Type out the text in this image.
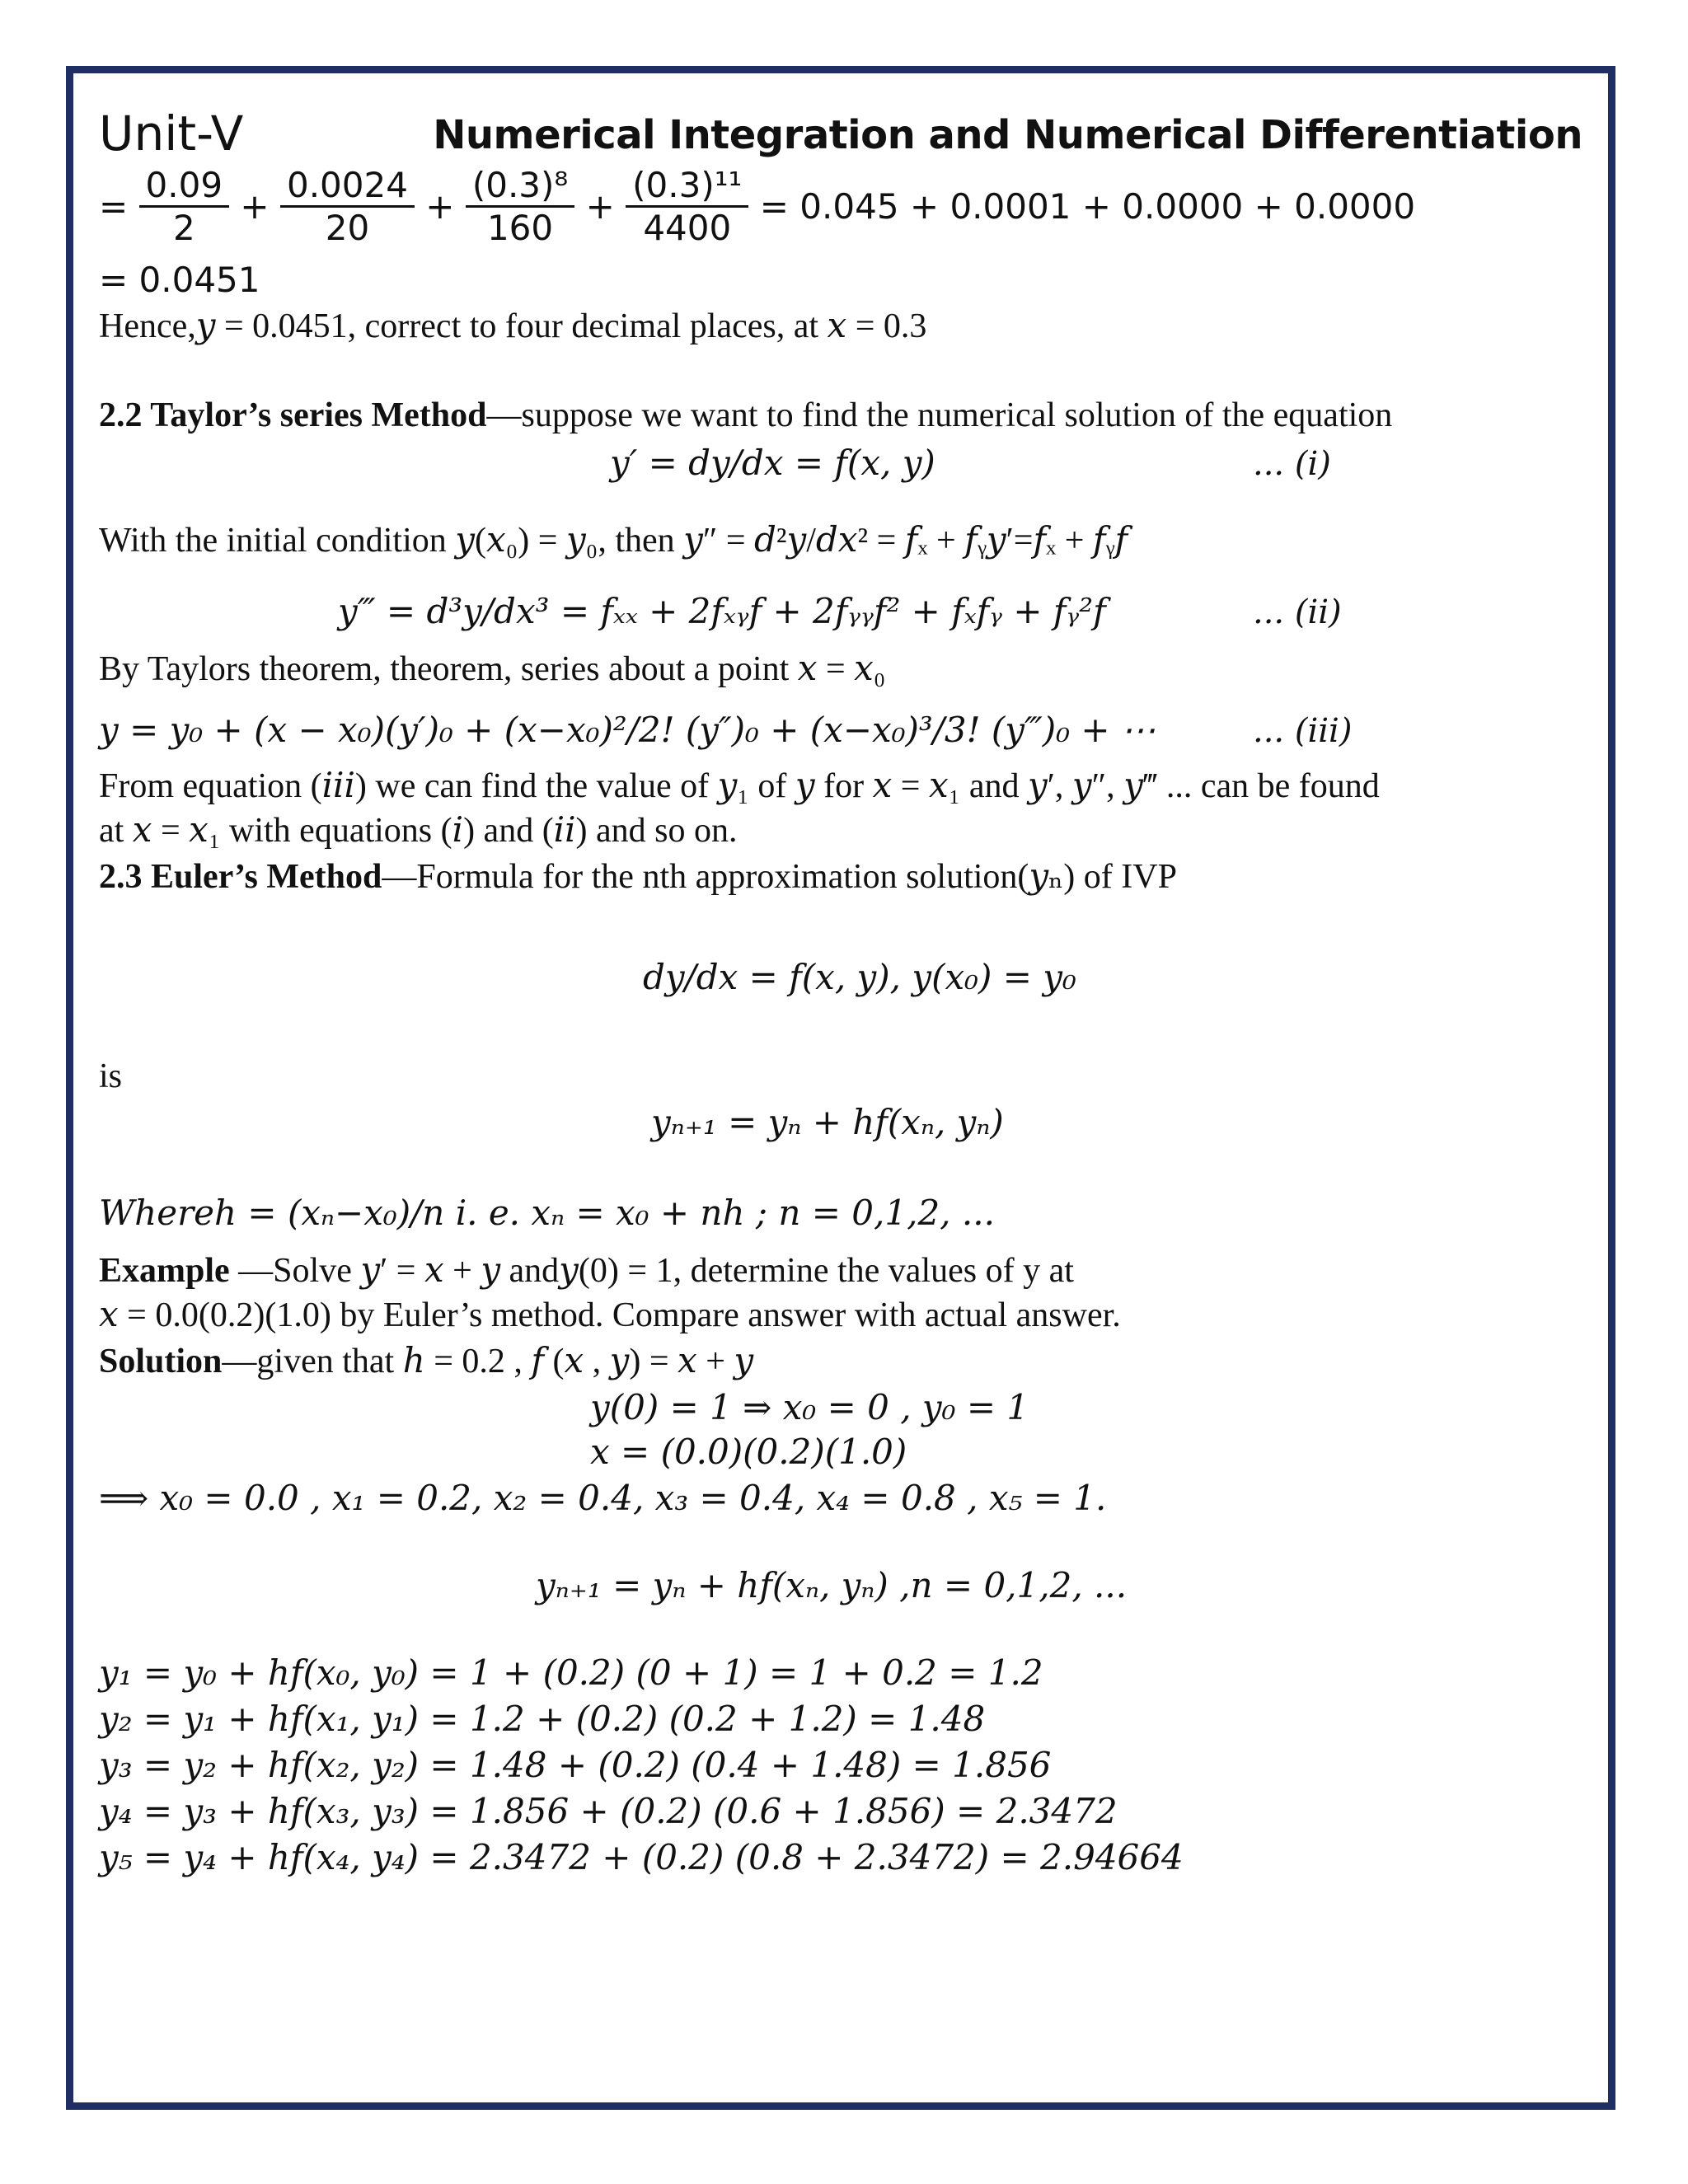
Unit-V	Numerical Integration and Numerical Differentiation
= $\frac{0.09}{2} + \frac{0.0024}{20} + \frac{\text{(0.3)⁸}}{160} + \frac{\text{(0.3)¹¹}}{4400} = 0.045 + 0.0001 + 0.0000 + 0.0000$
= 0.0451
Hence,𝑦 = 0.0451, correct to four decimal places, at 𝑥 = 0.3
2.2 Taylor’s series Method—suppose we want to find the numerical solution of the equation
𝑦′ = 𝑑𝑦/𝑑𝑥 = 𝑓(𝑥, 𝑦)	... (𝑖)
With the initial condition 𝑦(𝑥₀) = 𝑦₀, then 𝑦″ = 𝑑²𝑦/𝑑𝑥² = 𝑓ₓ + 𝑓ᵧ𝑦′=𝑓ₓ + 𝑓ᵧ𝑓
𝑦‴ = 𝑑³𝑦/𝑑𝑥³ = 𝑓ₓₓ + 2𝑓ₓᵧ𝑓 + 2𝑓ᵧᵧ𝑓² + 𝑓ₓ𝑓ᵧ + 𝑓ᵧ²𝑓	... (𝑖𝑖)
By Taylors theorem, theorem, series about a point 𝑥 = 𝑥₀
𝑦 = 𝑦₀ + (𝑥 − 𝑥₀)(𝑦′)₀ + (𝑥−𝑥₀)²/2! (𝑦″)₀ + (𝑥−𝑥₀)³/3! (𝑦‴)₀ + ⋯	... (𝑖𝑖𝑖)
From equation (𝑖𝑖𝑖) we can find the value of 𝑦₁ of 𝑦 for 𝑥 = 𝑥₁ and 𝑦′, 𝑦″, 𝑦‴ ... can be found
at 𝑥 = 𝑥₁ with equations (𝑖) and (𝑖𝑖) and so on.
2.3 Euler’s Method—Formula for the nth approximation solution(𝑦ₙ) of IVP
𝑑𝑦/𝑑𝑥 = 𝑓(𝑥, 𝑦), 𝑦(𝑥₀) = 𝑦₀
is
𝑦ₙ₊₁ = 𝑦ₙ + ℎ𝑓(𝑥ₙ, 𝑦ₙ)
Whereℎ = (𝑥ₙ−𝑥₀)/𝑛 𝑖. 𝑒. 𝑥ₙ = 𝑥₀ + 𝑛ℎ ; 𝑛 = 0,1,2, ...
Example —Solve 𝑦′ = 𝑥 + 𝑦 and𝑦(0) = 1, determine the values of y at
𝑥 = 0.0(0.2)(1.0) by Euler’s method. Compare answer with actual answer.
Solution—given that ℎ = 0.2 , 𝑓 (𝑥 , 𝑦) = 𝑥 + 𝑦
𝑦(0) = 1 ⇒ 𝑥₀ = 0 , 𝑦₀ = 1
𝑥 = (0.0)(0.2)(1.0)
⟹ 𝑥₀ = 0.0 , 𝑥₁ = 0.2, 𝑥₂ = 0.4, 𝑥₃ = 0.4, 𝑥₄ = 0.8 , 𝑥₅ = 1.
𝑦ₙ₊₁ = 𝑦ₙ + ℎ𝑓(𝑥ₙ, 𝑦ₙ) ,𝑛 = 0,1,2, ...
𝑦₁ = 𝑦₀ + ℎ𝑓(𝑥₀, 𝑦₀) = 1 + (0.2) (0 + 1) = 1 + 0.2 = 1.2
𝑦₂ = 𝑦₁ + ℎ𝑓(𝑥₁, 𝑦₁) = 1.2 + (0.2) (0.2 + 1.2) = 1.48
𝑦₃ = 𝑦₂ + ℎ𝑓(𝑥₂, 𝑦₂) = 1.48 + (0.2) (0.4 + 1.48) = 1.856
𝑦₄ = 𝑦₃ + ℎ𝑓(𝑥₃, 𝑦₃) = 1.856 + (0.2) (0.6 + 1.856) = 2.3472
𝑦₅ = 𝑦₄ + ℎ𝑓(𝑥₄, 𝑦₄) = 2.3472 + (0.2) (0.8 + 2.3472) = 2.94664
